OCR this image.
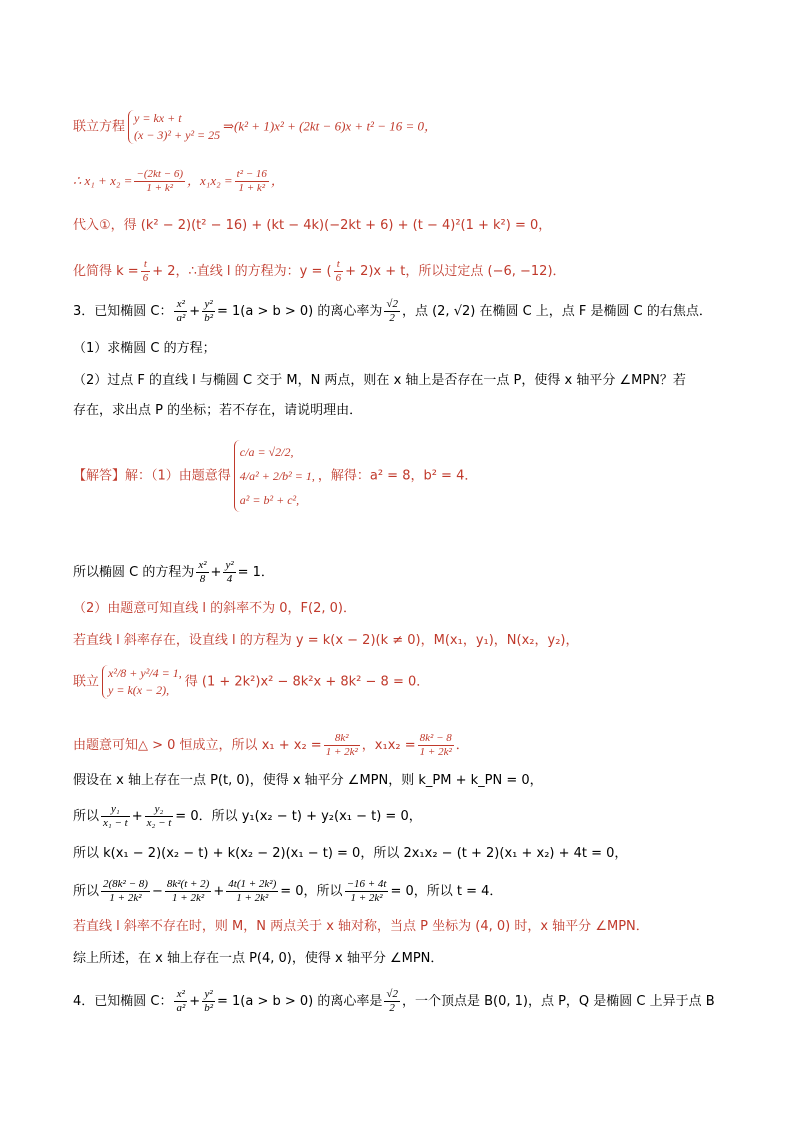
联立方程
y = kx + t
(x − 3)² + y² = 25
⇒(k² + 1)x² + (2kt − 6)x + t² − 16 = 0，
∴ $x_1 + x_2 = \frac{-(2kt - 6)}{\text{1 + k²}}$ ，$x_1x_2 = \frac{\text{t² − 16}}{\text{1 + k²}}$ ，
代入①，得 (k² − 2)(t² − 16) + (kt − 4k)(−2kt + 6) + (t − 4)²(1 + k²) = 0，
化简得 $k = \frac{t}{6} + 2$，∴直线 l 的方程为：y = ( $\frac{t}{6} + 2)x + t$，所以过定点 (−6, −12)．
3．已知椭圆 C： $\frac{\text{x²}}{\text{a²}} + \frac{\text{y²}}{\text{b²}} = 1(a > b > 0)$ 的离心率为 $\frac{√2}{2}$ ，点 (2, √2) 在椭圆 C 上，点 F 是椭圆 C 的右焦点．
（1）求椭圆 C 的方程；
（2）过点 F 的直线 l 与椭圆 C 交于 M，N 两点，则在 x 轴上是否存在一点 P，使得 x 轴平分 ∠MPN？若
存在，求出点 P 的坐标；若不存在，请说明理由．
【解答】解：（1）由题意得
c/a = √2/2,
4/a² + 2/b² = 1,
a² = b² + c²,
，解得：a² = 8，b² = 4．
所以椭圆 C 的方程为 $\frac{\text{x²}}{8} + \frac{\text{y²}}{4} = 1$．
（2）由题意可知直线 l 的斜率不为 0，F(2, 0)．
若直线 l 斜率存在，设直线 l 的方程为 y = k(x − 2)(k ≠ 0)，M(x₁，y₁)，N(x₂，y₂)，
联立
x²/8 + y²/4 = 1,
y = k(x − 2),
得 (1 + 2k²)x² − 8k²x + 8k² − 8 = 0．
由题意可知△ > 0 恒成立，所以 $x_1 + x_2 = \frac{\text{8k²}}{\text{1 + 2k²}}$ ，$x_1x_2 = \frac{\text{8k² − 8}}{\text{1 + 2k²}}$ ．
假设在 x 轴上存在一点 P(t, 0)，使得 x 轴平分 ∠MPN，则 k_PM + k_PN = 0，
所以 $\frac{\text{y₁}}{\text{x₁ − t}} + \frac{\text{y₂}}{\text{x₂ − t}} = 0$．所以 y₁(x₂ − t) + y₂(x₁ − t) = 0，
所以 k(x₁ − 2)(x₂ − t) + k(x₂ − 2)(x₁ − t) = 0，所以 2x₁x₂ − (t + 2)(x₁ + x₂) + 4t = 0，
所以 $\frac{\text{2(8k² − 8)}}{\text{1 + 2k²}} - \frac{\text{8k²(t + 2)}}{\text{1 + 2k²}} + \frac{\text{4t(1 + 2k²)}}{\text{1 + 2k²}} = 0$，所以 $\frac{-16 + 4t}{\text{1 + 2k²}} = 0$，所以 t = 4．
若直线 l 斜率不存在时，则 M，N 两点关于 x 轴对称，当点 P 坐标为 (4, 0) 时，x 轴平分 ∠MPN．
综上所述，在 x 轴上存在一点 P(4, 0)，使得 x 轴平分 ∠MPN．
4．已知椭圆 C： $\frac{\text{x²}}{\text{a²}} + \frac{\text{y²}}{\text{b²}} = 1(a > b > 0)$ 的离心率是 $\frac{√2}{2}$ ，一个顶点是 B(0, 1)，点 P，Q 是椭圆 C 上异于点 B
